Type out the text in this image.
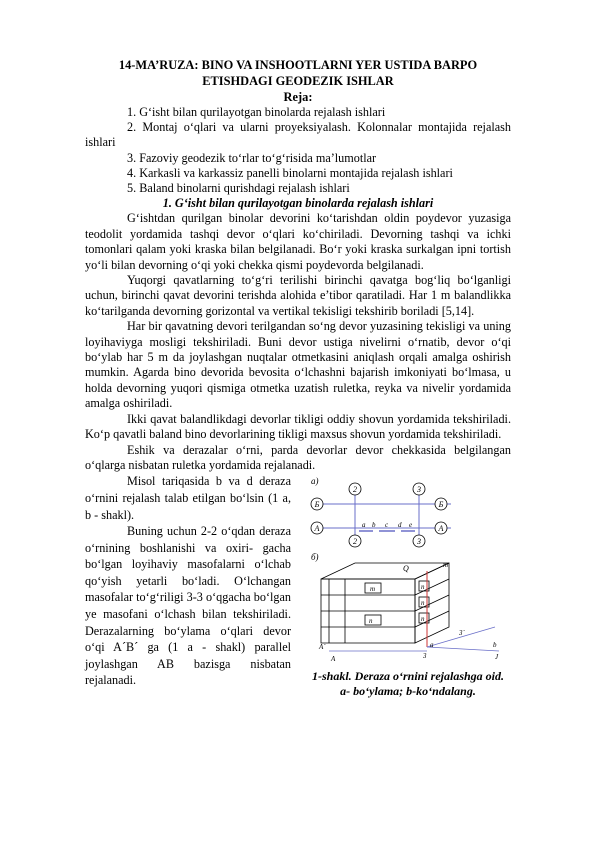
14-MA’RUZA: BINO VA INSHOOTLARNI YER USTIDA BARPO ETISHDAGI GEODEZIK ISHLAR
Reja:
1. G‘isht bilan qurilayotgan binolarda rejalash ishlari
2. Montaj o‘qlari va ularni proyeksiyalash. Kolonnalar montajida rejalash ishlari
3. Fazoviy geodezik to‘rlar to‘g‘risida ma’lumotlar
4. Karkasli va karkassiz panelli binolarni montajida rejalash ishlari
5. Baland binolarni qurishdagi rejalash ishlari
1. G‘isht bilan qurilayotgan binolarda rejalash ishlari

G‘ishtdan qurilgan binolar devorini ko‘tarishdan oldin poydevor yuzasiga teodolit yordamida tashqi devor o‘qlari ko‘chiriladi. Devorning tashqi va ichki tomonlari qalam yoki kraska bilan belgilanadi. Bo‘r yoki kraska surkalgan ipni tortish yo‘li bilan devorning o‘qi yoki chekka qismi poydevorda belgilanadi.

Yuqorgi qavatlarning to‘g‘ri terilishi birinchi qavatga bog‘liq bo‘lganligi uchun, birinchi qavat devorini terishda alohida e’tibor qaratiladi. Har 1 m balandlikka ko‘tarilganda devorning gorizontal va vertikal tekisligi tekshirib boriladi [5,14].

Har bir qavatning devori terilgandan so‘ng devor yuzasining tekisligi va uning loyihaviyga mosligi tekshiriladi. Buni devor ustiga nivelirni o‘rnatib, devor o‘qi bo‘ylab har 5 m da joylashgan nuqtalar otmetkasini aniqlash orqali amalga oshirish mumkin. Agarda bino devorida bevosita o‘lchashni bajarish imkoniyati bo‘lmasa, u holda devorning yuqori qismiga otmetka uzatish ruletka, reyka va nivelir yordamida amalga oshiriladi.

Ikki qavat balandlikdagi devorlar tikligi oddiy shovun yordamida tekshiriladi. Ko‘p qavatli baland bino devorlarining tikligi maxsus shovun yordamida tekshiriladi.

Eshik va derazalar o‘rni, parda devorlar devor chekkasida belgilangan o‘qlarga nisbatan ruletka yordamida rejalanadi.

Misol tariqasida b va d deraza o‘rnini rejalash talab etilgan bo‘lsin (1 a, b - shakl).

Buning uchun 2-2 o‘qdan deraza o‘rnining boshlanishi va oxiri- gacha bo‘lgan loyihaviy masofalarni o‘lchab qo‘yish yetarli bo‘ladi. O‘lchangan masofalar to‘g‘riligi 3-3 o‘qgacha bo‘lgan ye masofani o‘lchash bilan tekshiriladi. Derazalarning bo‘ylama o‘qlari devor o‘qi A´B´ ga (1 a - shakl) parallel joylashgan AB bazisga nisbatan rejalanadi.

а)
Б
А
Б
А
2	3
2	3
a b c d e
б)
Q	m
m
n
n
n
n
A´
A	3
3´
b
J
a
1-shakl. Deraza o‘rnini rejalashga oid.
a- bo‘ylama; b-ko‘ndalang.
